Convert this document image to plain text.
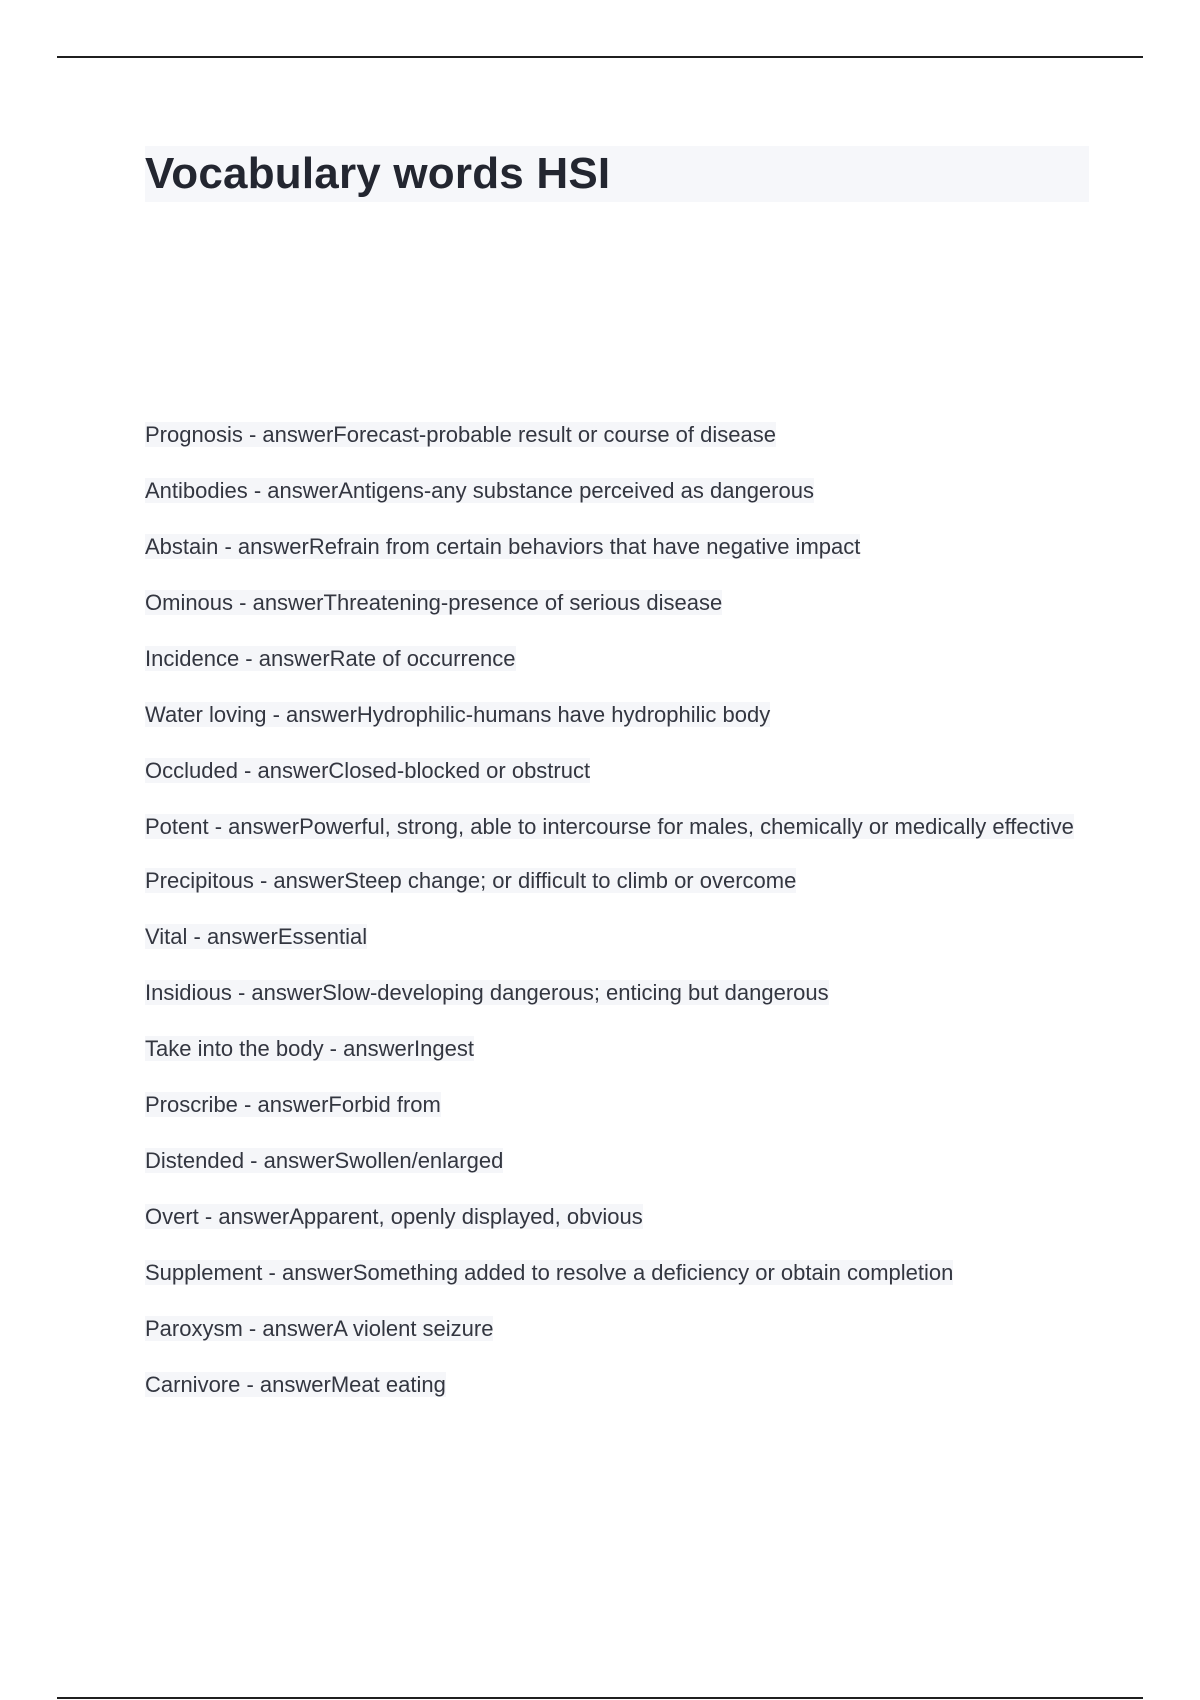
Vocabulary words HSI
Prognosis - answerForecast-probable result or course of disease
Antibodies - answerAntigens-any substance perceived as dangerous
Abstain - answerRefrain from certain behaviors that have negative impact
Ominous - answerThreatening-presence of serious disease
Incidence - answerRate of occurrence
Water loving - answerHydrophilic-humans have hydrophilic body
Occluded - answerClosed-blocked or obstruct
Potent - answerPowerful, strong, able to intercourse for males, chemically or medically effective
Precipitous - answerSteep change; or difficult to climb or overcome
Vital - answerEssential
Insidious - answerSlow-developing dangerous; enticing but dangerous
Take into the body - answerIngest
Proscribe - answerForbid from
Distended - answerSwollen/enlarged
Overt - answerApparent, openly displayed, obvious
Supplement - answerSomething added to resolve a deficiency or obtain completion
Paroxysm - answerA violent seizure
Carnivore - answerMeat eating
